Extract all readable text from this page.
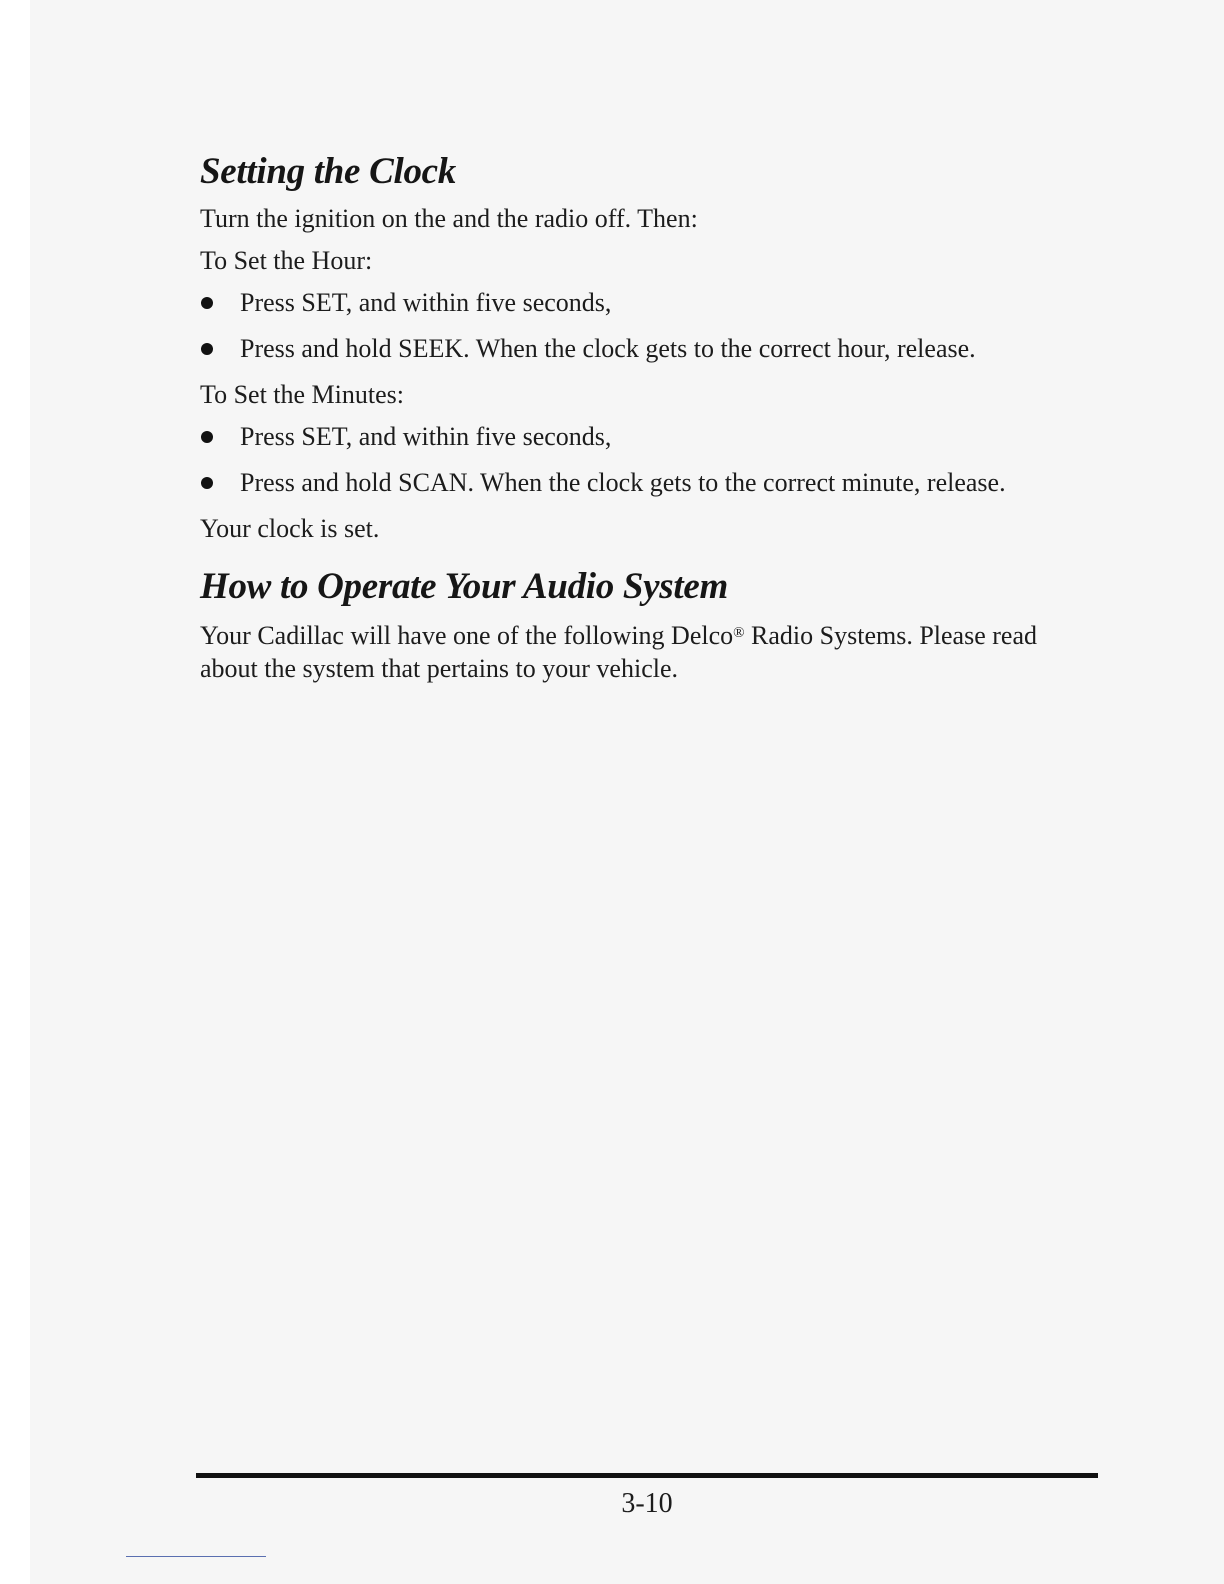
Setting the Clock

Turn the ignition on the and the radio off. Then:

To Set the Hour:

Press SET, and within five seconds,
Press and hold SEEK. When the clock gets to the correct hour, release.

To Set the Minutes:

Press SET, and within five seconds,
Press and hold SCAN. When the clock gets to the correct minute, release.

Your clock is set.

How to Operate Your Audio System

Your Cadillac will have one of the following Delco® Radio Systems. Please read about the system that pertains to your vehicle.

3-10
